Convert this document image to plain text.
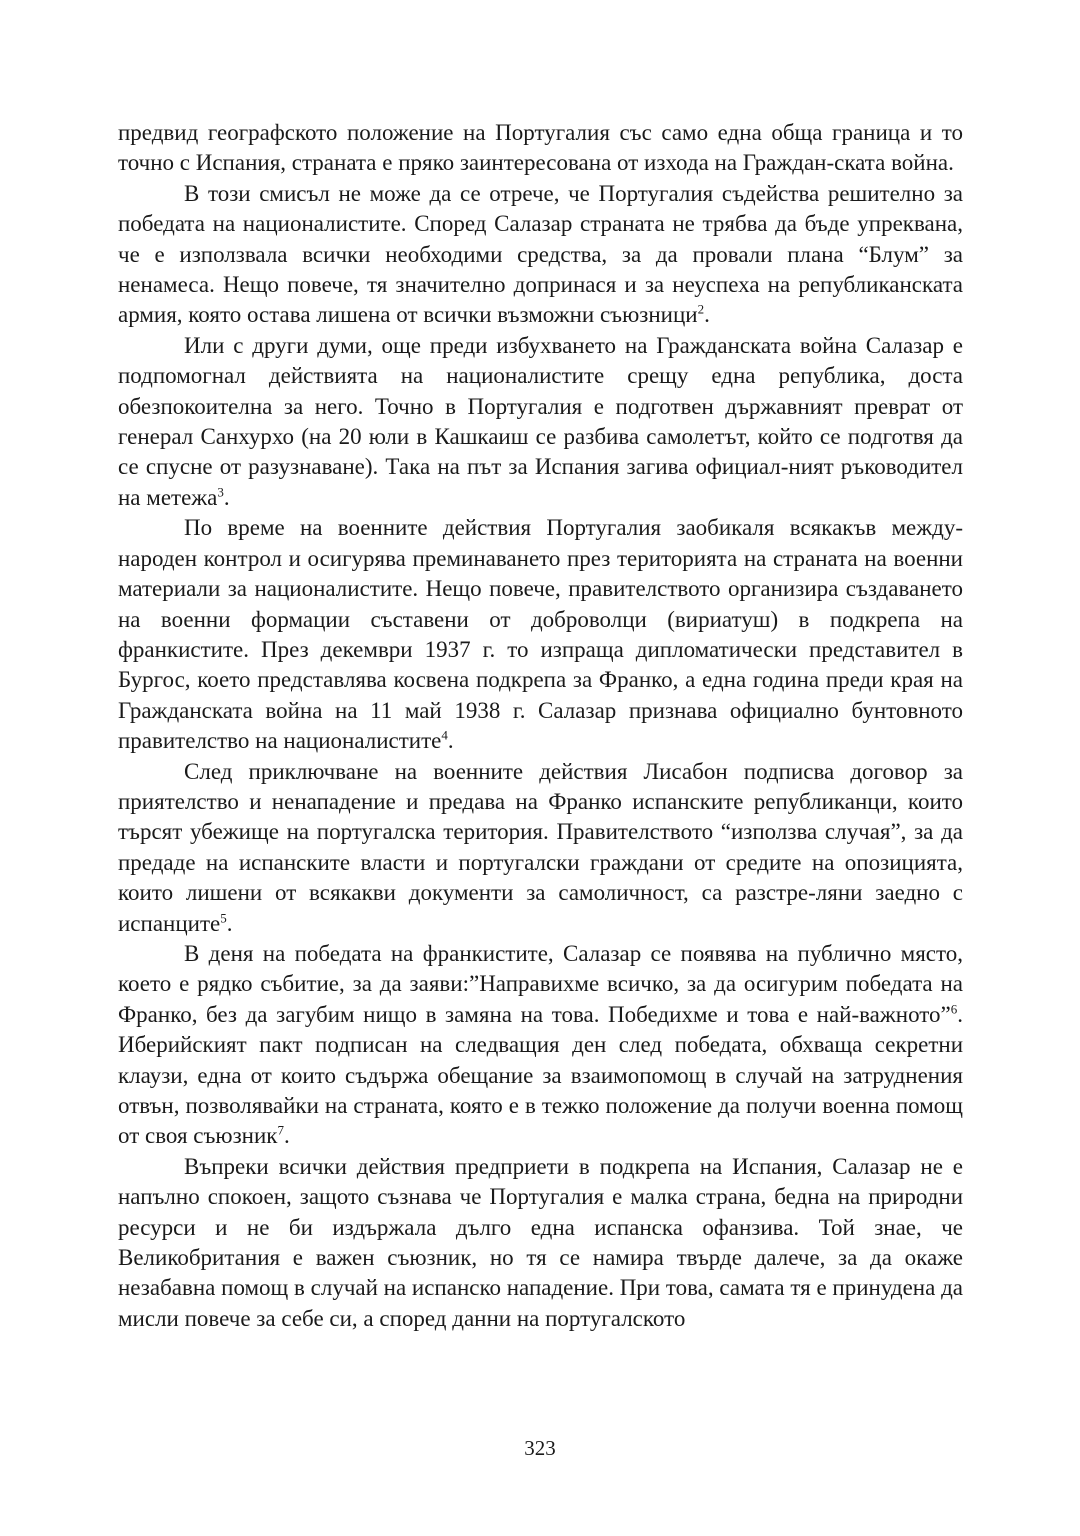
предвид географското положение на Португалия със само една обща граница и то точно с Испания, страната е пряко заинтересована от изхода на Граждан-ската война.

В този смисъл не може да се отрече, че Португалия съдейства решително за победата на националистите. Според Салазар страната не трябва да бъде упреквана, че е използвала всички необходими средства, за да провали плана “Блум” за ненамеса. Нещо повече, тя значително допринася и за неуспеха на републиканската армия, която остава лишена от всички възможни съюзници$^2$.

Или с други думи, още преди избухването на Гражданската война Салазар е подпомогнал действията на националистите срещу една република, доста обезпокоителна за него. Точно в Португалия е подготвен държавният преврат от генерал Санхурхо (на 20 юли в Кашкаиш се разбива самолетът, който се подготвя да се спусне от разузнаване). Така на път за Испания загива официал-ният ръководител на метежа$^3$.

По време на военните действия Португалия заобикаля всякакъв между-народен контрол и осигурява преминаването през територията на страната на военни материали за националистите. Нещо повече, правителството организира създаването на военни формации съставени от доброволци (вириатуш) в подкрепа на франкистите. През декември 1937 г. то изпраща дипломатически представител в Бургос, което представлява косвена подкрепа за Франко, а една година преди края на Гражданската война на 11 май 1938 г. Салазар признава официално бунтовното правителство на националистите$^4$.

След приключване на военните действия Лисабон подписва договор за приятелство и ненападение и предава на Франко испанските републиканци, които търсят убежище на португалска територия. Правителството “използва случая”, за да предаде на испанските власти и португалски граждани от средите на опозицията, които лишени от всякакви документи за самоличност, са разстре-ляни заедно с испанците$^5$.

В деня на победата на франкистите, Салазар се появява на публично място, което е рядко събитие, за да заяви:”Направихме всичко, за да осигурим победата на Франко, без да загубим нищо в замяна на това. Победихме и това е най-важното”$^6$. Иберийският пакт подписан на следващия ден след победата, обхваща секретни клаузи, една от които съдържа обещание за взаимопомощ в случай на затруднения отвън, позволявайки на страната, която е в тежко положение да получи военна помощ от своя съюзник$^7$.

Въпреки всички действия предприети в подкрепа на Испания, Салазар не е напълно спокоен, защото съзнава че Португалия е малка страна, бедна на природни ресурси и не би издържала дълго една испанска офанзива. Той знае, че Великобритания е важен съюзник, но тя се намира твърде далече, за да окаже незабавна помощ в случай на испанско нападение. При това, самата тя е принудена да мисли повече за себе си, а според данни на португалското

323
